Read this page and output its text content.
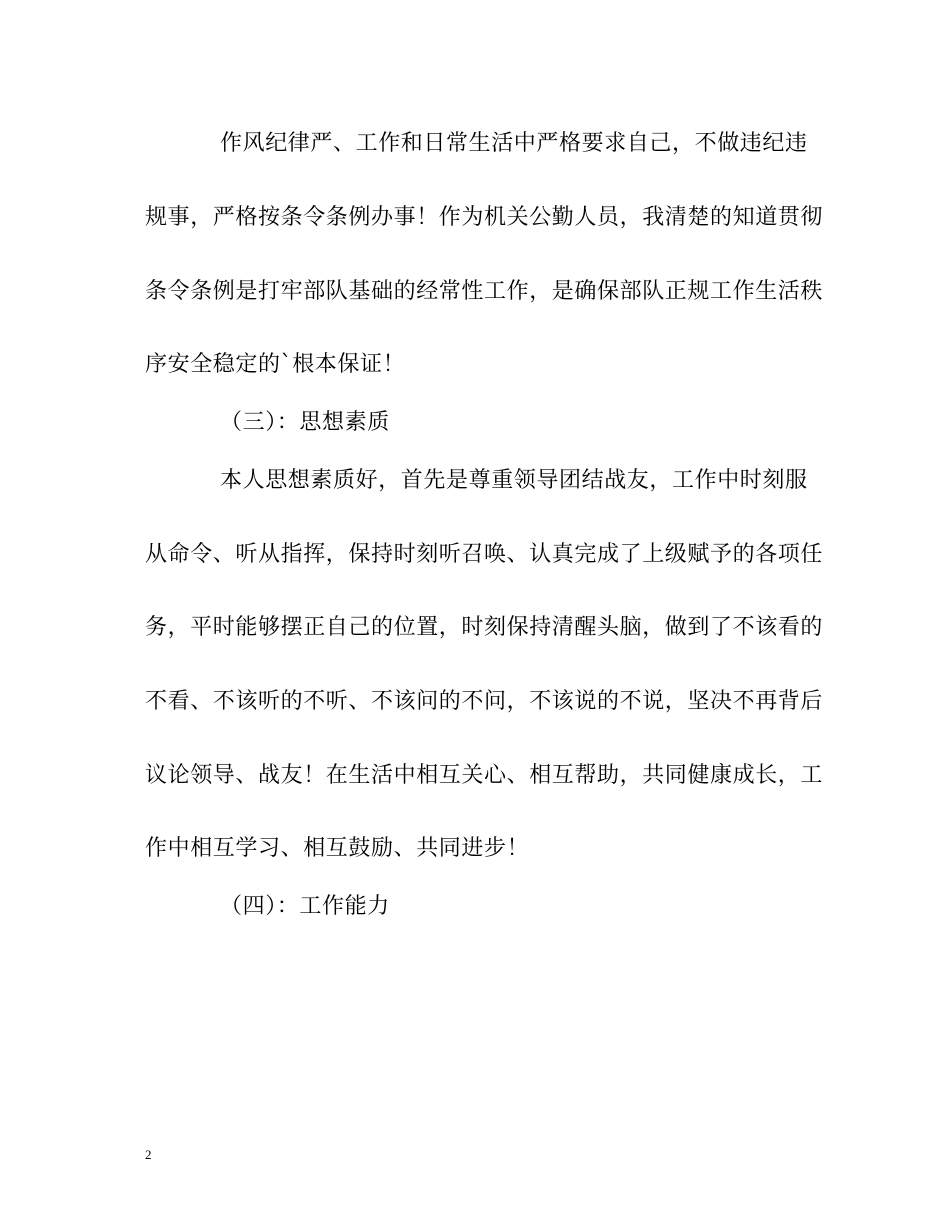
作风纪律严、工作和日常生活中严格要求自己，不做违纪违
规事，严格按条令条例办事！作为机关公勤人员，我清楚的知道贯彻
条令条例是打牢部队基础的经常性工作，是确保部队正规工作生活秩
序安全稳定的`根本保证！
（三）：思想素质
本人思想素质好，首先是尊重领导团结战友，工作中时刻服
从命令、听从指挥，保持时刻听召唤、认真完成了上级赋予的各项任
务，平时能够摆正自己的位置，时刻保持清醒头脑，做到了不该看的
不看、不该听的不听、不该问的不问，不该说的不说，坚决不再背后
议论领导、战友！在生活中相互关心、相互帮助，共同健康成长，工
作中相互学习、相互鼓励、共同进步！
（四）：工作能力
2
